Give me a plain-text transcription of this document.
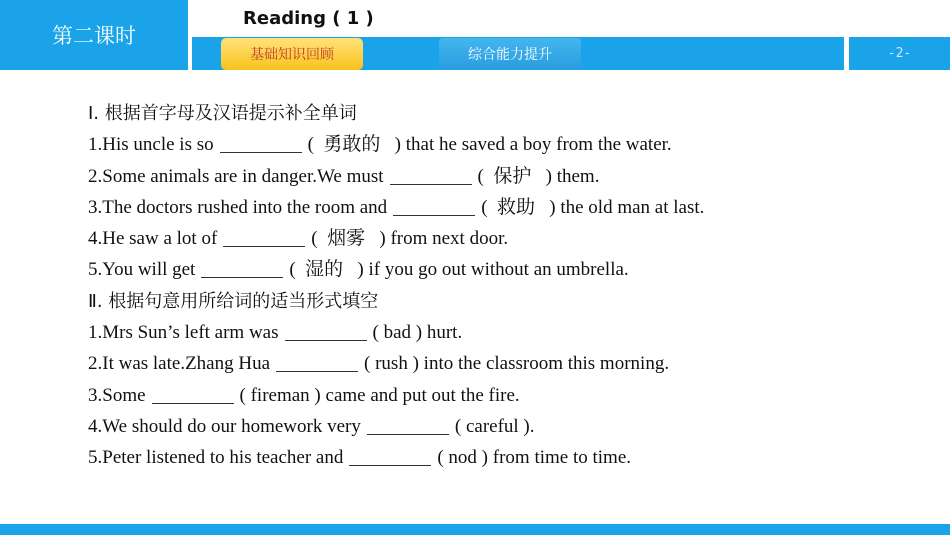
第二课时
Reading ( 1 )
基础知识回顾	综合能力提升	-2-
Ⅰ. 根据首字母及汉语提示补全单词
1.His uncle is so	(  勇敢的   ) that he saved a boy from the water.
2.Some animals are in danger.We must	(  保护   ) them.
3.The doctors rushed into the room and	(  救助   ) the old man at last.
4.He saw a lot of	(  烟雾   ) from next door.
5.You will get	(  湿的   ) if you go out without an umbrella.
Ⅱ. 根据句意用所给词的适当形式填空
1.Mrs Sun’s left arm was	( bad ) hurt.
2.It was late.Zhang Hua	( rush ) into the classroom this morning.
3.Some	( fireman ) came and put out the fire.
4.We should do our homework very	( careful ).
5.Peter listened to his teacher and	( nod ) from time to time.
